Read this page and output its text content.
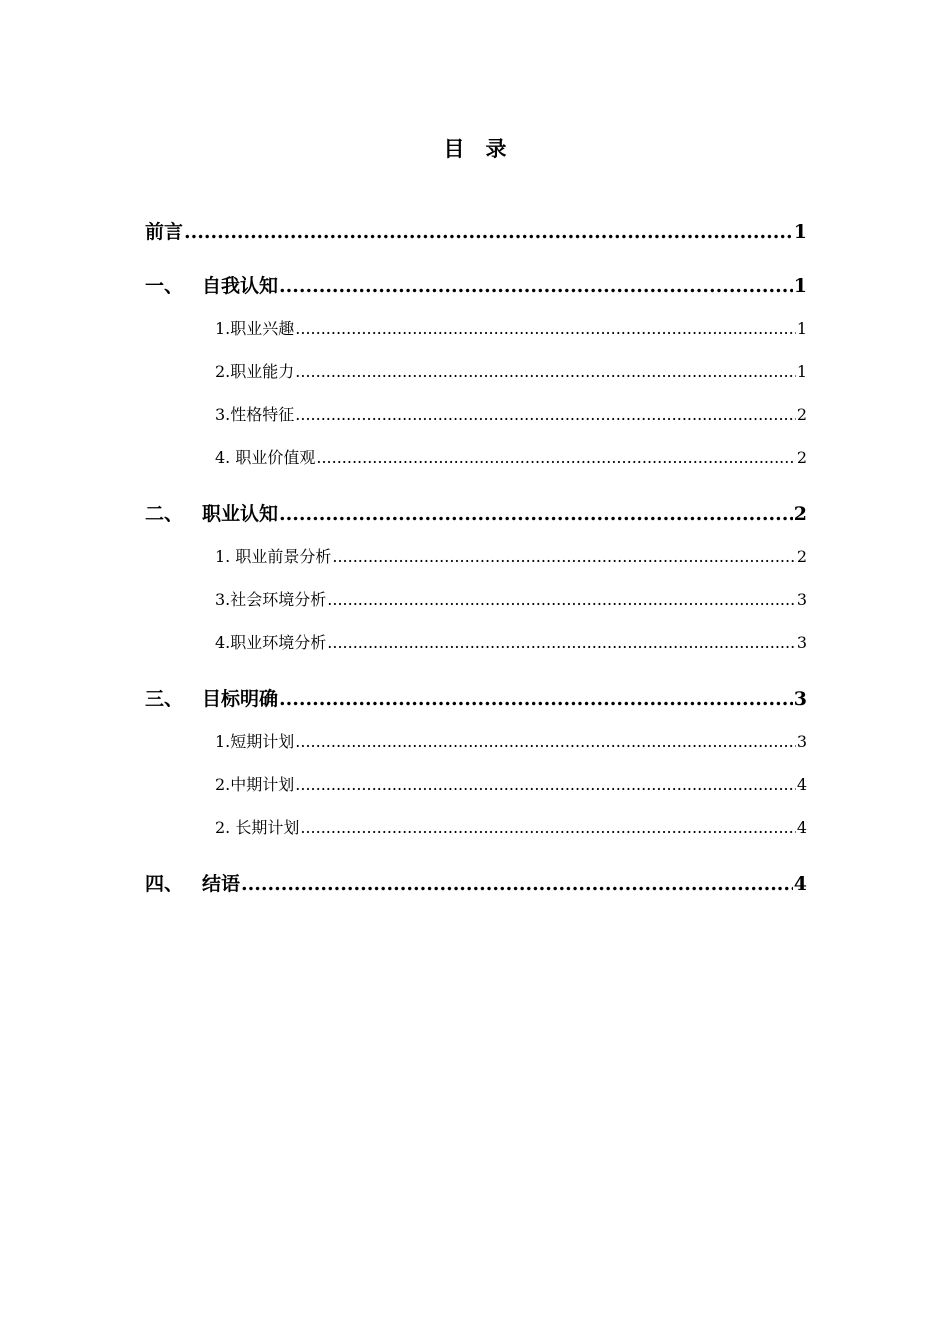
目　录
前言 .....	1
一、 自我认知 .....	1
1.职业兴趣 .....	1
2.职业能力 .....	1
3.性格特征 .....	2
4. 职业价值观 .....	2
二、 职业认知 .....	2
1. 职业前景分析 .....	2
3.社会环境分析 .....	3
4.职业环境分析 .....	3
三、 目标明确 .....	3
1.短期计划 .....	3
2.中期计划 .....	4
2. 长期计划 .....	4
四、 结语 .....	4
